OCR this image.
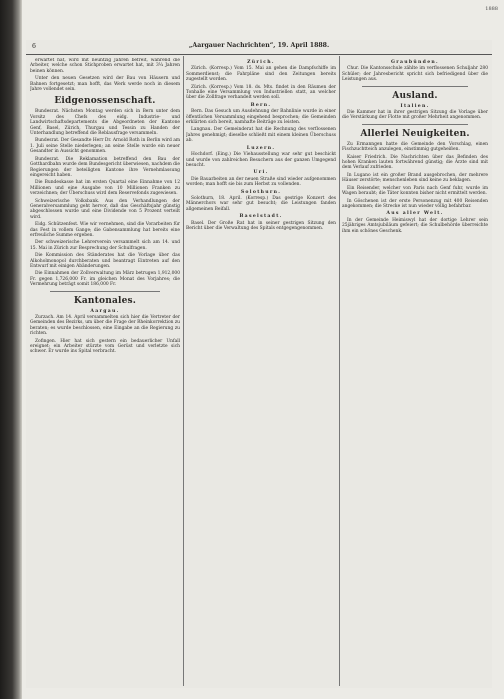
6	„Aargauer Nachrichten“, 19. April 1888.

erwartet hat, wird mit neuntzig Jahren befreit, während die Arbeiter, welche schon Stichproben erwartet hat, mit 3¼ Jahren beinen können.

Unter den neuen Gesetzen wird der Bau von Häusern und Bahnen fortgesetzt; man hofft, das Werk werde noch in diesem Jahre vollendet sein.

Eidgenossenschaft.

Bundesrat. Nächsten Montag werden sich in Bern unter dem Vorsitz des Chefs des eidg. Industrie- und Landwirtschaftsdepartements die Abgeordneten der Kantone Genf, Basel, Zürich, Thurgau und Tessin zu Handen der Unterhandlung betreffend die Reblausfrage versammeln.

Bundesrat. Der Gesandte Herr Dr. Arnold Roth in Berlin wird am 1. Juli seine Stelle niederlegen; an seine Stelle wurde ein neuer Gesandter in Aussicht genommen.

Bundesrat. Die Reklamation betreffend den Bau der Gotthardbahn wurde dem Bundesgericht überwiesen, nachdem die Regierungen der beteiligten Kantone ihre Vernehmlassung eingereicht haben.

Die Bundeskasse hat im ersten Quartal eine Einnahme von 12 Millionen und eine Ausgabe von 10 Millionen Franken zu verzeichnen; der Überschuss wird dem Reservefonds zugewiesen.

Schweizerische Volksbank. Aus den Verhandlungen der Generalversammlung geht hervor, daß das Geschäftsjahr günstig abgeschlossen wurde und eine Dividende von 5 Prozent verteilt wird.

Eidg. Schützenfest. Wie wir vernehmen, sind die Vorarbeiten für das Fest in vollem Gange; die Gabensammlung hat bereits eine erfreuliche Summe ergeben.

Der schweizerische Lehrerverein versammelt sich am 14. und 15. Mai in Zürich zur Besprechung der Schulfragen.

Die Kommission des Ständerates hat die Vorlage über das Alkoholmonopol durchberaten und beantragt Eintreten auf den Entwurf mit einigen Abänderungen.

Die Einnahmen der Zollverwaltung im März betrugen 1,912,000 Fr. gegen 1,726,000 Fr. im gleichen Monat des Vorjahres; die Vermehrung beträgt somit 186,000 Fr.

Kantonales.
Aargau.

Zurzach. Am 14. April versammelten sich hier die Vertreter der Gemeinden des Bezirks, um über die Frage der Rheinkorrektion zu beraten; es wurde beschlossen, eine Eingabe an die Regierung zu richten.

Zofingen. Hier hat sich gestern ein bedauerlicher Unfall ereignet; ein Arbeiter stürzte vom Gerüst und verletzte sich schwer. Er wurde ins Spital verbracht.

Zürich.

Zürich. (Korresp.) Vom 15. Mai an gehen die Dampfschiffe im Sommerdienst; die Fahrpläne sind den Zeitungen bereits zugestellt worden.

Zürich. (Korresp.) Vom 18. ds. Mts. findet in den Räumen der Tonhalle eine Versammlung von Industriellen statt, an welcher über die Zollfrage verhandelt werden soll.

Bern.

Bern. Das Gesuch um Ausdehnung der Bahnlinie wurde in einer öffentlichen Versammlung eingehend besprochen; die Gemeinden erklärten sich bereit, namhafte Beiträge zu leisten.

Langnau. Der Gemeinderat hat die Rechnung des verflossenen Jahres genehmigt; dieselbe schließt mit einem kleinen Überschuss ab.

Luzern.

Hochdorf. (Eing.) Die Viehausstellung war sehr gut beschickt und wurde von zahlreichen Besuchern aus der ganzen Umgegend besucht.

Uri.

Die Bauarbeiten an der neuen Straße sind wieder aufgenommen worden; man hofft sie bis zum Herbst zu vollenden.

Solothurn.

Solothurn, 18. April. (Korresp.) Das gestrige Konzert des Männerchors war sehr gut besucht; die Leistungen fanden allgemeinen Beifall.

Baselstadt.

Basel. Der Große Rat hat in seiner gestrigen Sitzung den Bericht über die Verwaltung des Spitals entgegengenommen.

Graubünden.

Chur. Die Kantonsschule zählte im verflossenen Schuljahr 280 Schüler; der Jahresbericht spricht sich befriedigend über die Leistungen aus.

Ausland.
Italien.

Die Kammer hat in ihrer gestrigen Sitzung die Vorlage über die Verstärkung der Flotte mit großer Mehrheit angenommen.

Allerlei Neuigkeiten.

Zu Ermanngen hatte die Gemeinde den Vorschlag, einen Fischzuchtteich anzulegen, einstimmig gutgeheißen.

Kaiser Friedrich. Die Nachrichten über das Befinden des hohen Kranken lauten fortwährend günstig; die Ärzte sind mit dem Verlauf zufrieden.

In Lugano ist ein großer Brand ausgebrochen, der mehrere Häuser zerstörte; menschenleben sind keine zu beklagen.

Ein Reisender, welcher von Paris nach Genf fuhr, wurde im Wagen beraubt; die Täter konnten bisher nicht ermittelt werden.

In Göschenen ist der erste Personenzug mit 400 Reisenden angekommen; die Strecke ist nun wieder völlig befahrbar.

Aus aller Welt.

In der Gemeinde Heimiswyl hat der dortige Lehrer sein 25jähriges Amtsjubiläum gefeiert; die Schulbehörde überreichte ihm ein schönes Geschenk.

1888
